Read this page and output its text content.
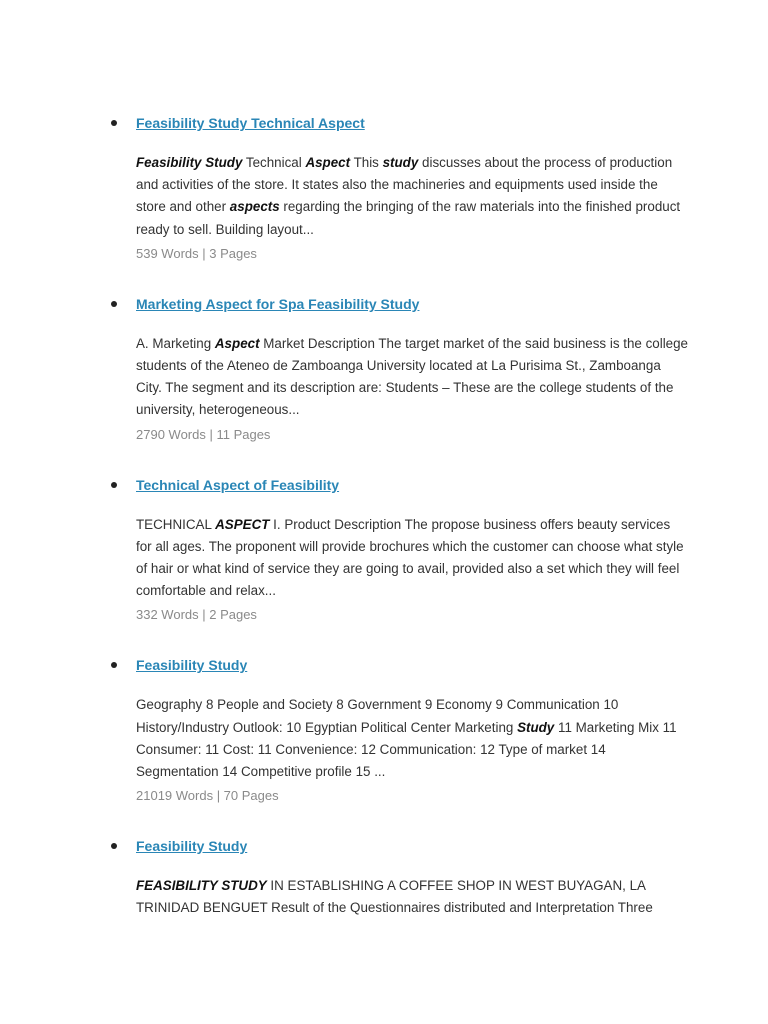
Feasibility Study Technical Aspect
Feasibility Study Technical Aspect This study discusses about the process of production and activities of the store. It states also the machineries and equipments used inside the store and other aspects regarding the bringing of the raw materials into the finished product ready to sell. Building layout...
539 Words | 3 Pages
Marketing Aspect for Spa Feasibility Study
A. Marketing Aspect Market Description The target market of the said business is the college students of the Ateneo de Zamboanga University located at La Purisima St., Zamboanga City. The segment and its description are: Students – These are the college students of the university, heterogeneous...
2790 Words | 11 Pages
Technical Aspect of Feasibility
TECHNICAL ASPECT I. Product Description The propose business offers beauty services for all ages. The proponent will provide brochures which the customer can choose what style of hair or what kind of service they are going to avail, provided also a set which they will feel comfortable and relax...
332 Words | 2 Pages
Feasibility Study
Geography 8 People and Society 8 Government 9 Economy 9 Communication 10 History/Industry Outlook: 10 Egyptian Political Center Marketing Study 11 Marketing Mix 11 Consumer: 11 Cost: 11 Convenience: 12 Communication: 12 Type of market 14 Segmentation 14 Competitive profile 15 ...
21019 Words | 70 Pages
Feasibility Study
FEASIBILITY STUDY IN ESTABLISHING A COFFEE SHOP IN WEST BUYAGAN, LA TRINIDAD BENGUET Result of the Questionnaires distributed and Interpretation Three
